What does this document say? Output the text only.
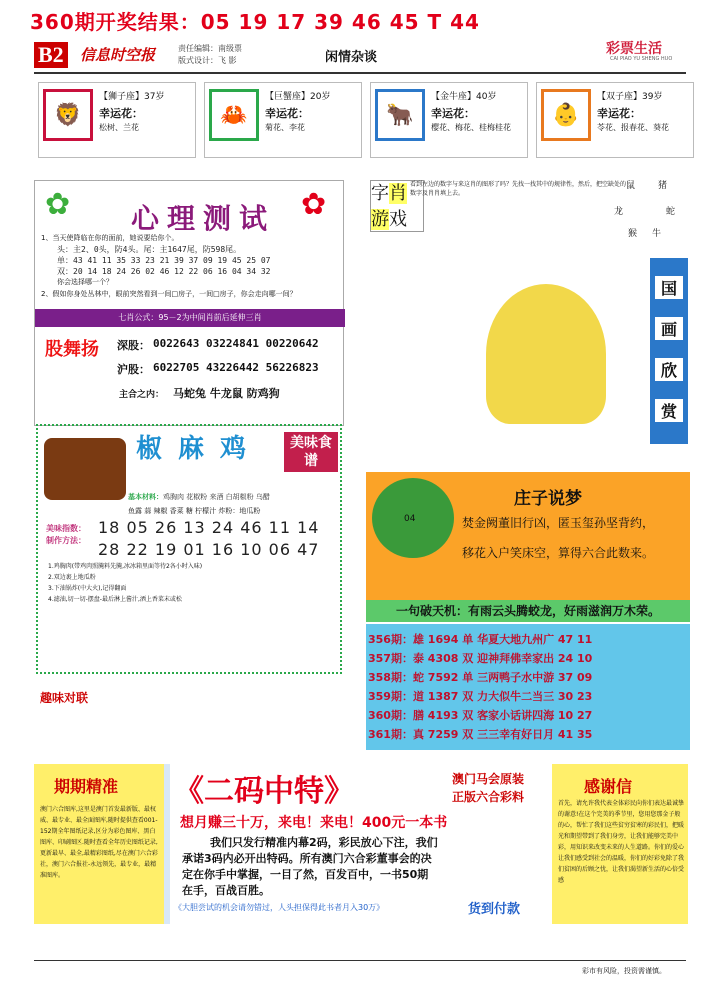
360期开奖结果：05 19 17 39 46 45 T 44
B2 信息时空报	责任编辑：南级票
版式设计：飞 影	闲情杂谈
彩票生活
CAI PIAO YU SHENG HUO
🦁
【狮子座】37岁
幸运花：
松树、兰花	🦀
【巨蟹座】20岁
幸运花：
菊花、李花	🐂
【金牛座】40岁
幸运花：
樱花、梅花、桂梅桂花	👶
【双子座】39岁
幸运花：
苓花、报春花、葵花
✿	✿
心理测试
1、当天使降临在你的面前，她说要给你个。
头：主2、0头，防4头。尾：主1647尾，防598尾。
单：43 41 11 35 33 23 21 39 37 09 19 45 25 07
双：20 14 18 24 26 02 46 12 22 06 16 04 34 32
你会选择哪一个？
2、假如你身处丛林中，眼前突然看到一间□房子，一间□房子，你会走向哪一间？
七肖公式：95－2为中间肖前后延伸三肖
股舞扬	深股： 0022643 03224841 00220642
沪股： 6022705 43226442 56226823
主合之内： 马蛇兔 牛龙鼠 防鸡狗
椒麻鸡	美味食谱
基本材料：鸡胸肉 花椒粉 来酒 白胡椒粉 乌醋
鱼露 蒜 辣椒 香菜 糖 柠檬汁 炸粉：地瓜粉
美味指数： 18 05 26 13 24 46 11 14
制作方法： 28 22 19 01 16 10 06 47
1.鸡胸肉(带鸡肉照腌料先腌,冰冰箱里面等待2各小时入味)
2.双边裹上地瓜粉
3.下油锅炸(中大火),记得翻面
4.滤油,切一切-摆盘-最后淋上酱汁,洒上香菜末或松
趣味对联
字肖
游戏
看到左边的数字与来这肖的图形了吗？先找一找其中的规律性，然后，把空缺处的数字及肖肖填上去。
鼠	猪
蛇
牛
猴
龙
国
画
欣
赏
04
庄子说梦
焚金阙董旧行凶，匿玉玺孙坚背约，
移花入户笑床空，算得六合此数来。
一句破天机：有雨云头腾蛟龙，好雨滋润万木荣。
356期：雄 1694 单 华夏大地九州广 47 11
357期：泰 4308 双 迎神拜佛幸家出 24 10
358期：蛇 7592 单 三两鸭子水中游 37 09
359期：道 1387 双 力大似牛二当三 30 23
360期：膳 4193 双 客家小话讲四海 10 27
361期：真 7259 双 三三幸有好日月 41 35
期期精准
澳门六合图库,这里是澳门首发最新版、最权威、最专业、最全面图库,随时提供查看001-152期全年图纸记录,区分为彩色图库、黑白图库、印刷图区.随时查看全年历史图纸记录,更新最早、最全,最精彩图纸,尽在澳门六合彩社，澳门六合报社-永远领先，最专业，最精准图库。
《二码中特》	澳门马会原装
正版六合彩料
想月赚三十万，来电！来电！400元一本书
我们只发行精准内幕2码，彩民放心下注，我们
承诺3码内必开出特码。所有澳门六合彩董事会的决
定在你手中掌握，一目了然，百发百中，一书50期
在手，百战百胜。
《大胆尝试的机会请勿错过，人头担保得此书者月入30万》	货到付款
感谢信
首先，请允许我代表全体彩民向你们表达最诚挚的谢意!在这个完美的季节里，您用您那金子般的心，帮忙了我们这些贫穷贫寒的彩民们，把暖光和期望带到了我们身旁，让我们能够完美中彩，用知识来改变未来的人生道路。你们的爱心让我们感受到社会的温暖，你们的好彩免除了我们贫困的后顾之忧，让我们渴望新生活的心倍受感
彩市有风险，投资需谨慎。
